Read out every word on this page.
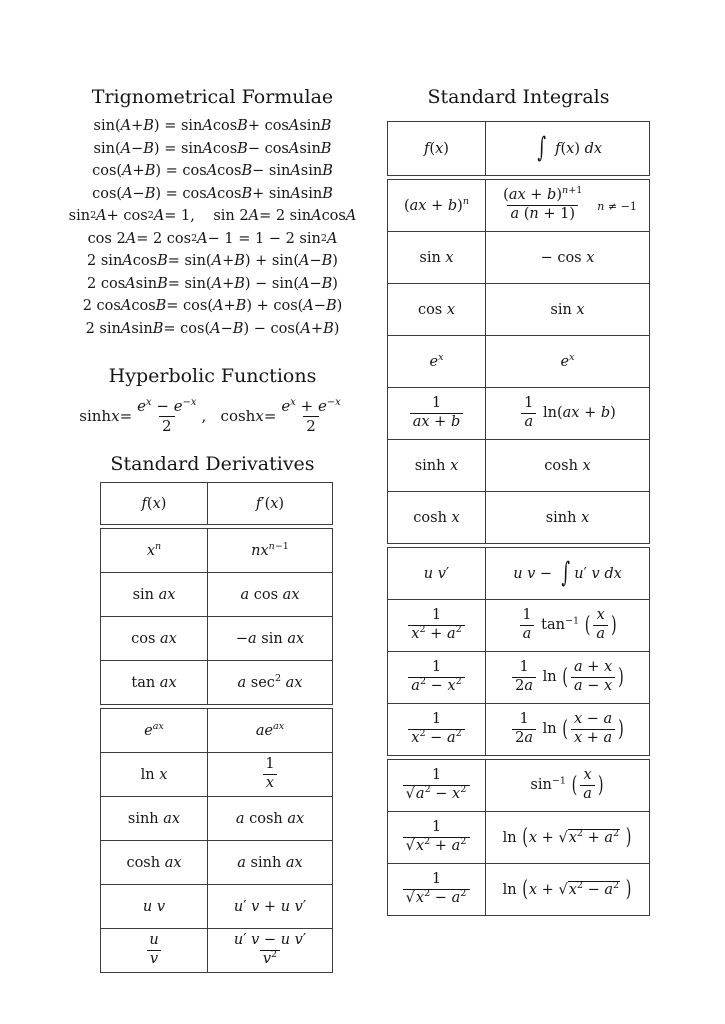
Trignometrical Formulae
sin( A + B ) = sin A cos B + cos A sin B
sin( A − B ) = sin A cos B − cos A sin B
cos( A + B ) = cos A cos B − sin A sin B
cos( A − B ) = cos A cos B + sin A sin B
sin 2 A + cos 2 A = 1,    sin 2 A = 2 sin A cos A
cos 2 A = 2 cos 2 A − 1 = 1 − 2 sin 2 A
2 sin A cos B = sin( A + B ) + sin( A − B )
2 cos A sin B = sin( A + B ) − sin( A − B )
2 cos A cos B = cos( A + B ) + cos( A − B )
2 sin A sin B = cos( A − B ) − cos( A + B )
Hyperbolic Functions
sinh x =
$e^x - e^{-x}$
2
,   cosh x =
$e^x + e^{-x}$
2
Standard Derivatives
f(x)	f′(x)
$x^n$	$nx^{n-1}$
sin ax	a cos ax
cos ax	−a sin ax
tan ax	a $\sec^2$ ax
$e^{ax}$	$ae^{ax}$
ln x	$\frac{1}{x}$

sinh ax	a cosh ax
cosh ax	a sinh ax
u v	u′ v + u v′

$\frac{u}{v}$	$\frac{\text{u′ v − u v′}}{v^2}$
Standard Integrals
f(x)	∫ f(x) dx
(ax + b)$^n$	$\frac{(ax + b)^{n+1}}{a (n + 1)}$ n ≠ −1
sin x	− cos x
cos x	sin x
$e^x$	$e^x$

$\frac{1}{ax + b}$	$\frac{1}{a} \ln(ax + b)$
sinh x	cosh x
cosh x	sinh x
u v′	u v − ∫ u′ v dx

$\frac{1}{x^2 + a^2}$	$\frac{1}{a} \tan^{-1}$ ( $\frac{x}{a}$ )

$\frac{1}{a^2 - x^2}$	$\frac{1}{2a}$ ln ( $\frac{a + x}{a - x}$ )

$\frac{1}{x^2 - a^2}$	$\frac{1}{2a}$ ln ( $\frac{x - a}{x + a}$ )
$\frac{1}{√a^2 - x^2}$	$\sin^{-1}$ ( $\frac{x}{a}$ )

$\frac{1}{√x^2 + a^2}$	$\ln (x + √x^2 + a^2$ )

$\frac{1}{√x^2 - a^2}$	$\ln (x + √x^2 - a^2$ )
